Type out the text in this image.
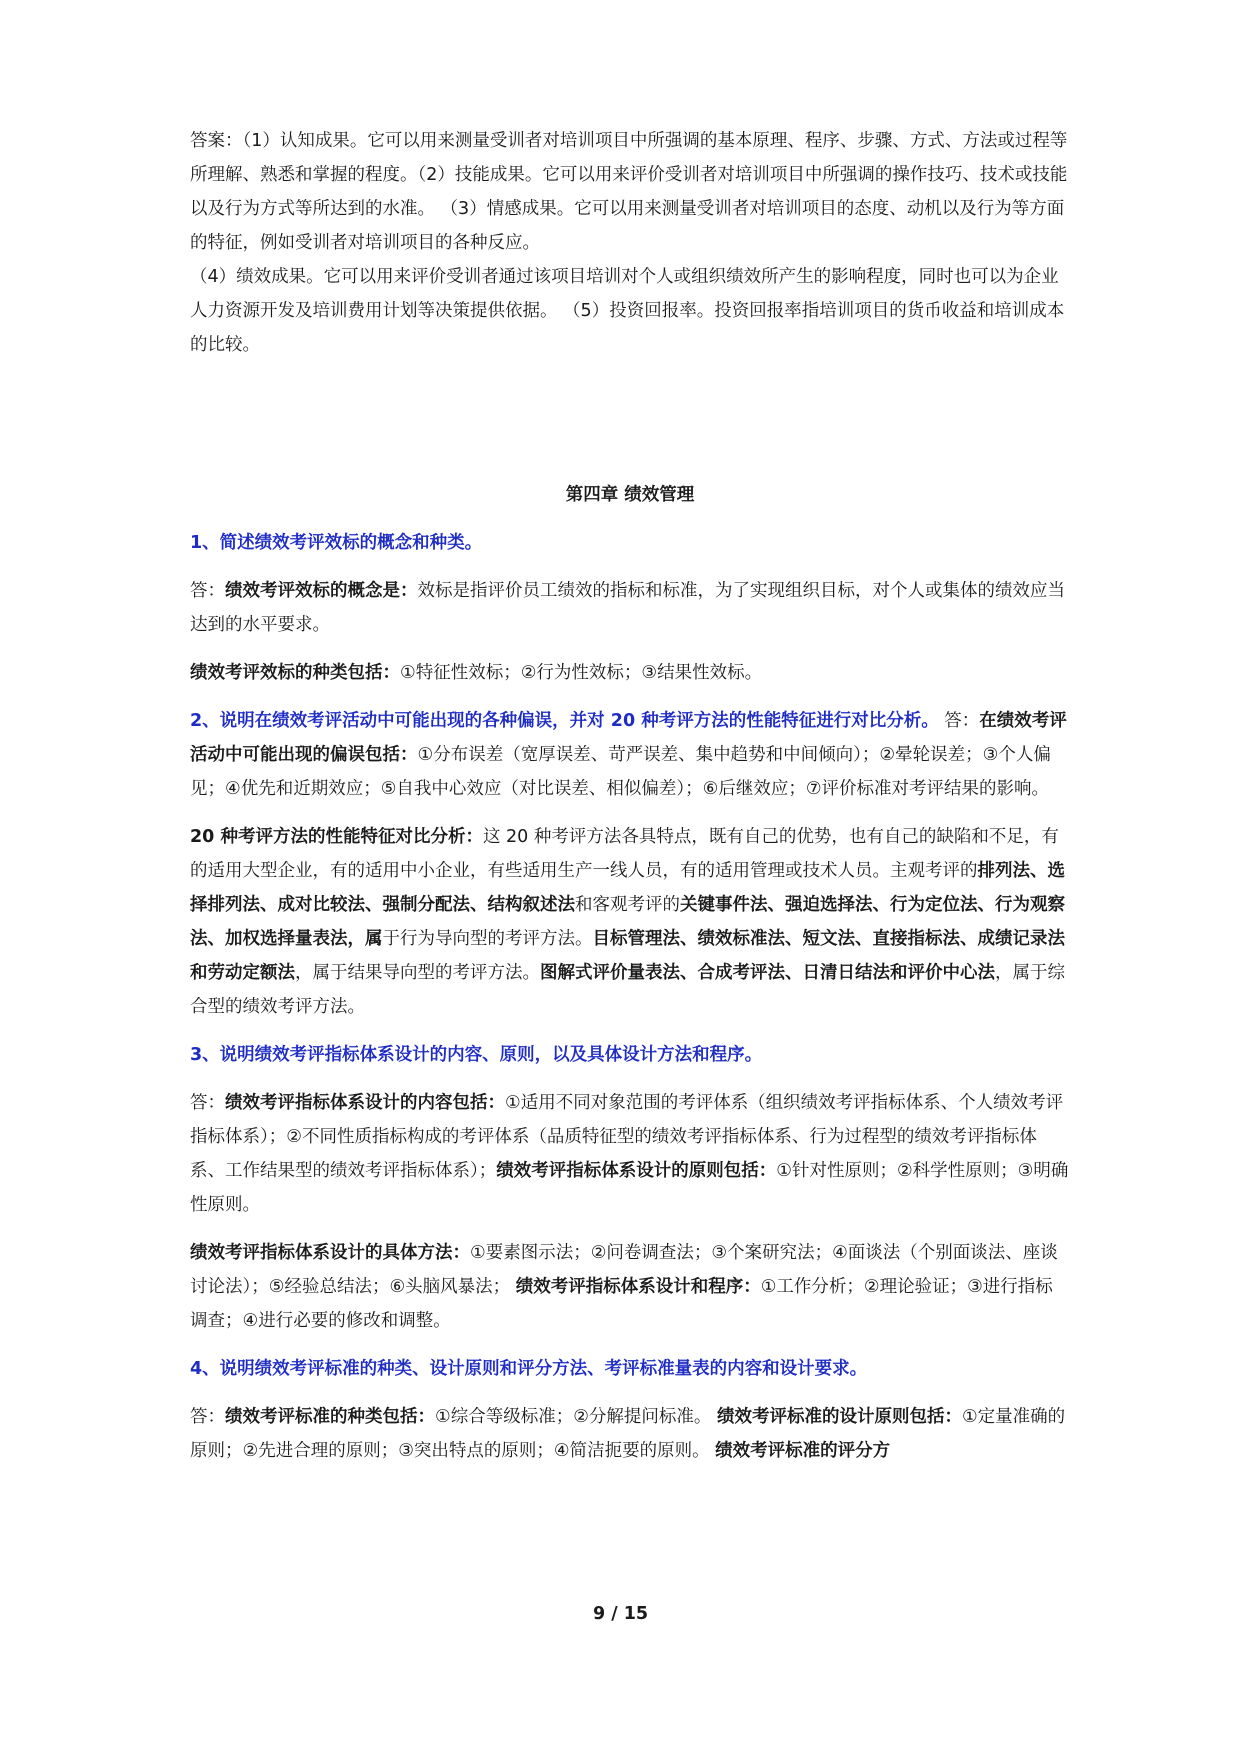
答案：（1）认知成果。它可以用来测量受训者对培训项目中所强调的基本原理、程序、步骤、方式、方法或过程等所理解、熟悉和掌握的程度。（2）技能成果。它可以用来评价受训者对培训项目中所强调的操作技巧、技术或技能以及行为方式等所达到的水准。 （3）情感成果。它可以用来测量受训者对培训项目的态度、动机以及行为等方面的特征，例如受训者对培训项目的各种反应。

（4）绩效成果。它可以用来评价受训者通过该项目培训对个人或组织绩效所产生的影响程度，同时也可以为企业人力资源开发及培训费用计划等决策提供依据。 （5）投资回报率。投资回报率指培训项目的货币收益和培训成本的比较。

第四章 绩效管理

1、简述绩效考评效标的概念和种类。

答：绩效考评效标的概念是：效标是指评价员工绩效的指标和标准，为了实现组织目标，对个人或集体的绩效应当达到的水平要求。

绩效考评效标的种类包括：①特征性效标；②行为性效标；③结果性效标。

2、说明在绩效考评活动中可能出现的各种偏误，并对 20 种考评方法的性能特征进行对比分析。 答：在绩效考评活动中可能出现的偏误包括：①分布误差（宽厚误差、苛严误差、集中趋势和中间倾向）；②晕轮误差；③个人偏见；④优先和近期效应；⑤自我中心效应（对比误差、相似偏差）；⑥后继效应；⑦评价标准对考评结果的影响。

20 种考评方法的性能特征对比分析：这 20 种考评方法各具特点，既有自己的优势，也有自己的缺陷和不足，有的适用大型企业，有的适用中小企业，有些适用生产一线人员，有的适用管理或技术人员。主观考评的排列法、选择排列法、成对比较法、强制分配法、结构叙述法和客观考评的关键事件法、强迫选择法、行为定位法、行为观察法、加权选择量表法，属于行为导向型的考评方法。目标管理法、绩效标准法、短文法、直接指标法、成绩记录法和劳动定额法，属于结果导向型的考评方法。图解式评价量表法、合成考评法、日清日结法和评价中心法，属于综合型的绩效考评方法。

3、说明绩效考评指标体系设计的内容、原则，以及具体设计方法和程序。

答：绩效考评指标体系设计的内容包括：①适用不同对象范围的考评体系（组织绩效考评指标体系、个人绩效考评指标体系）；②不同性质指标构成的考评体系（品质特征型的绩效考评指标体系、行为过程型的绩效考评指标体系、工作结果型的绩效考评指标体系）；绩效考评指标体系设计的原则包括：①针对性原则；②科学性原则；③明确性原则。

绩效考评指标体系设计的具体方法：①要素图示法；②问卷调查法；③个案研究法；④面谈法（个别面谈法、座谈讨论法）；⑤经验总结法；⑥头脑风暴法； 绩效考评指标体系设计和程序：①工作分析；②理论验证；③进行指标调查；④进行必要的修改和调整。

4、说明绩效考评标准的种类、设计原则和评分方法、考评标准量表的内容和设计要求。

答：绩效考评标准的种类包括：①综合等级标准；②分解提问标准。 绩效考评标准的设计原则包括：①定量准确的原则；②先进合理的原则；③突出特点的原则；④简洁扼要的原则。 绩效考评标准的评分方

9 / 15
